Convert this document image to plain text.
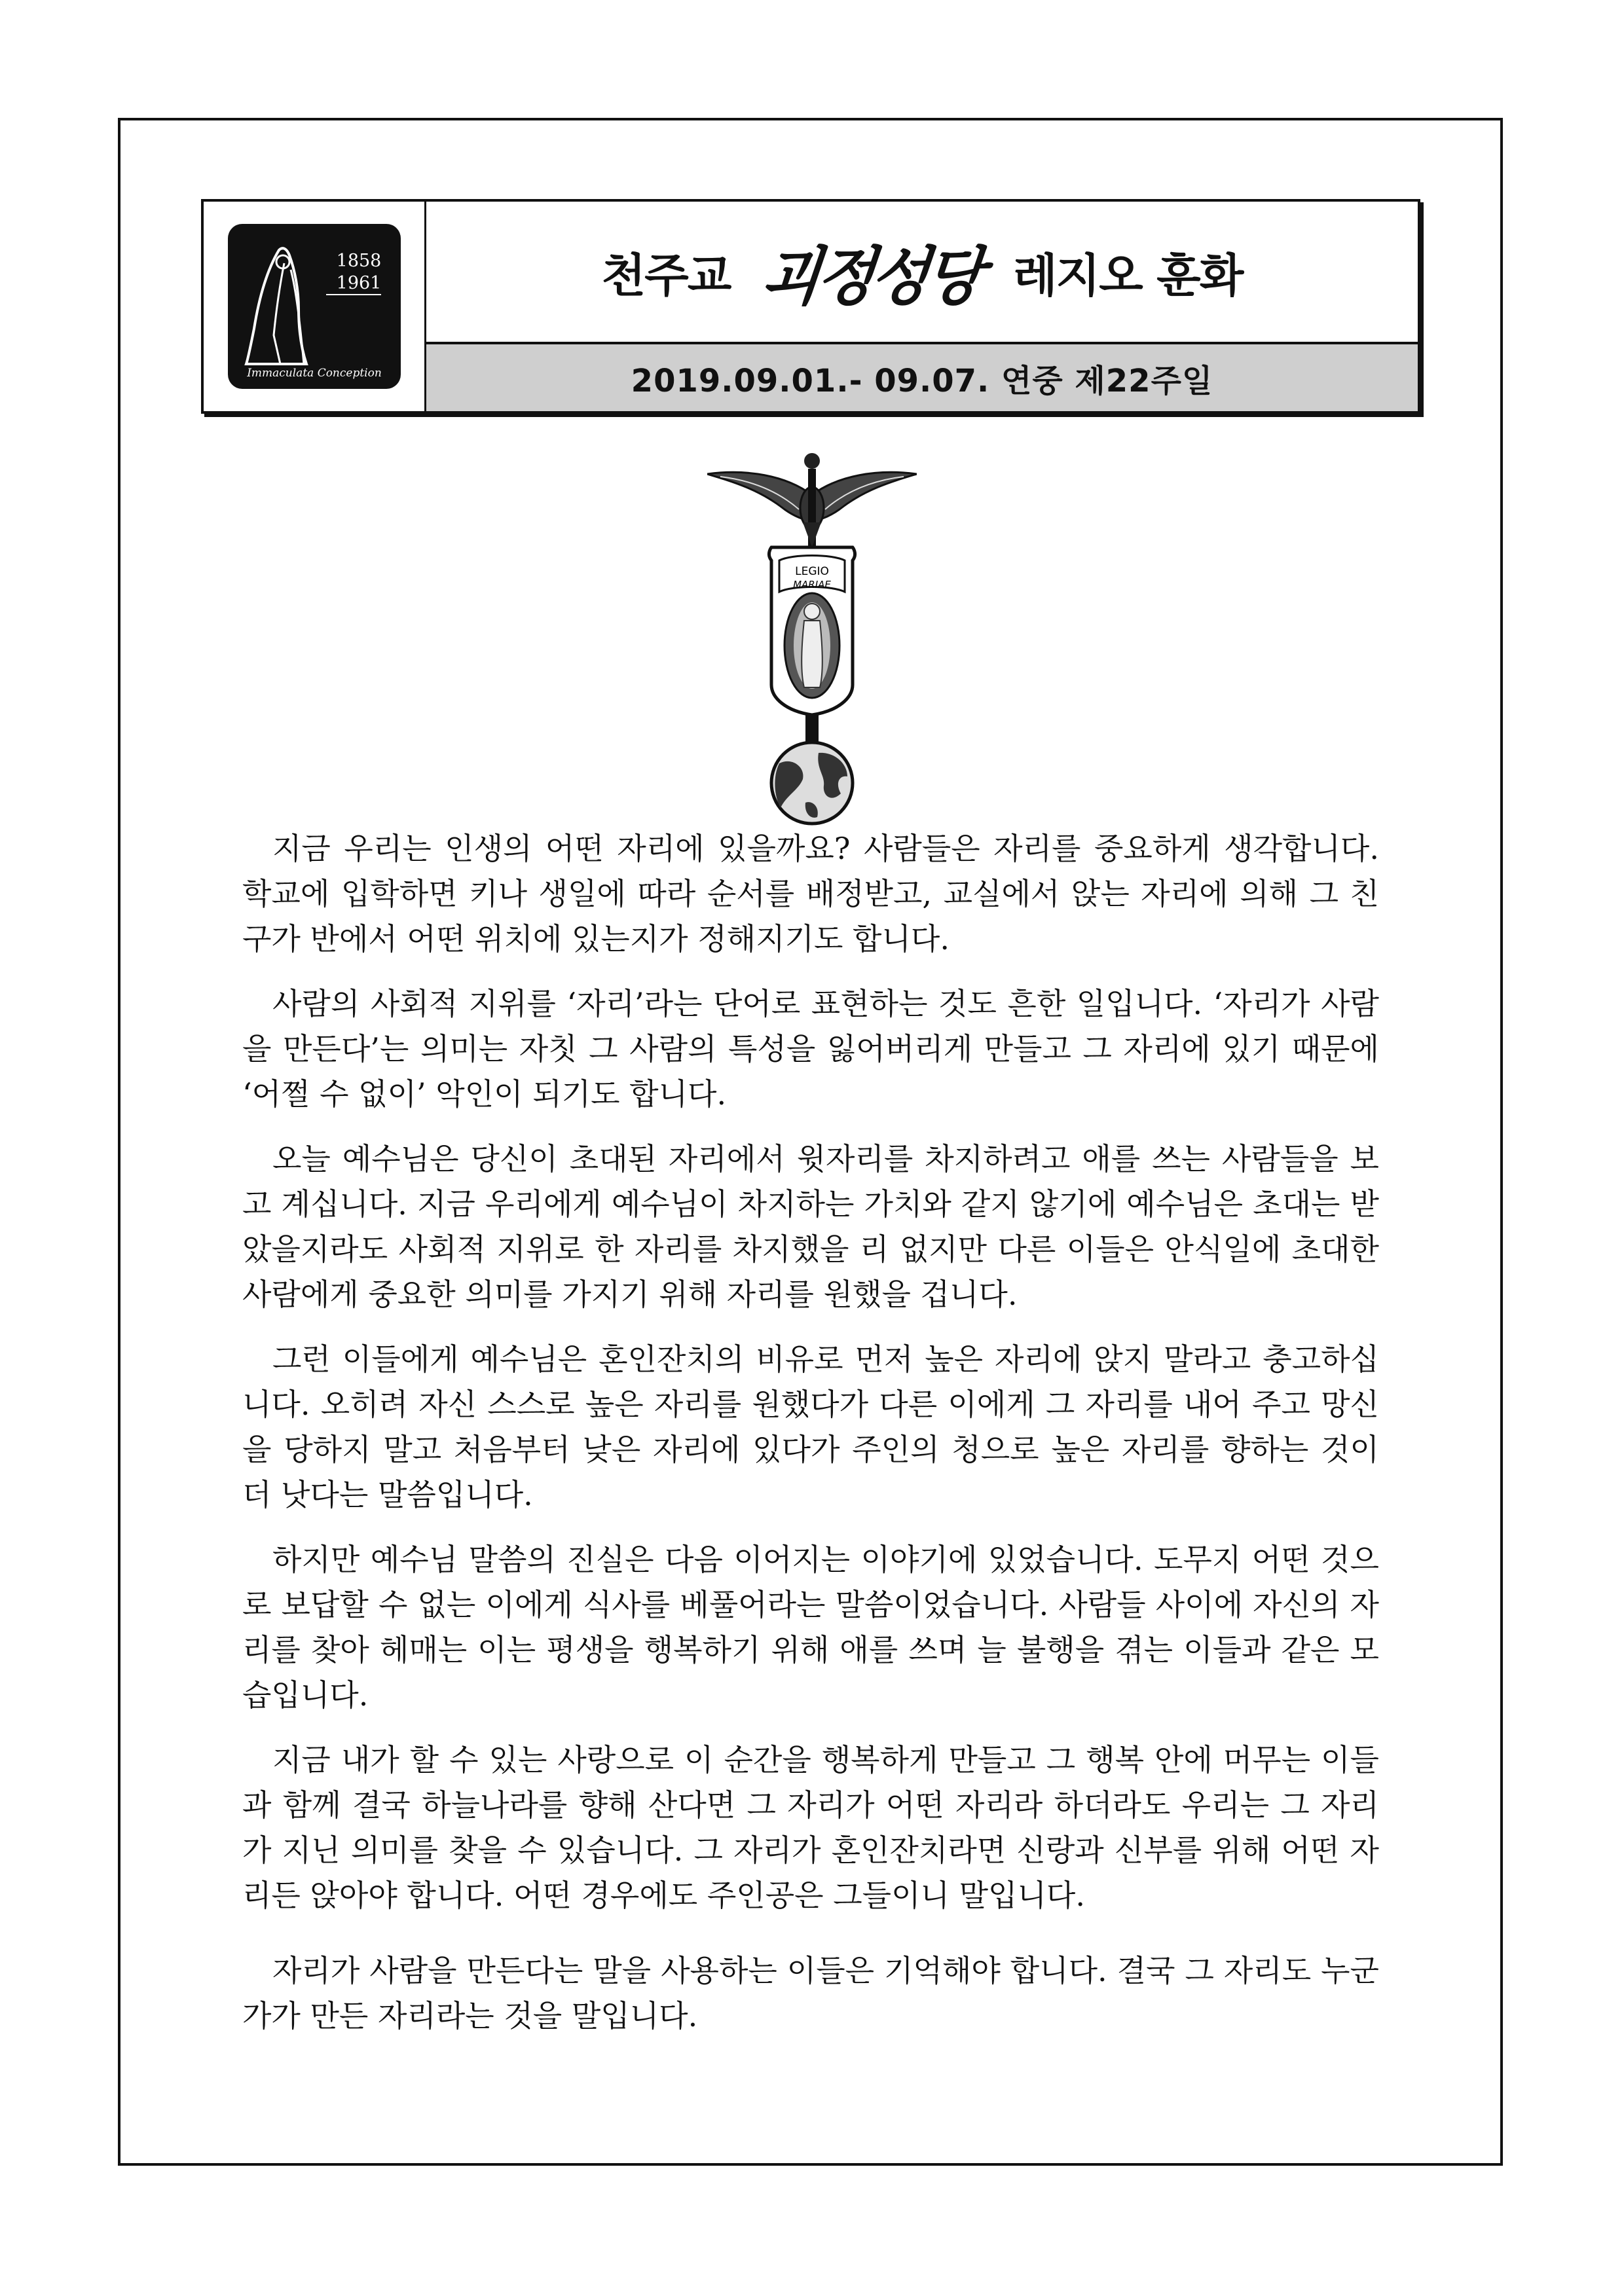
1858
1961
Immaculata Conception
천주교 괴정성당 레지오 훈화
2019.09.01.- 09.07. 연중 제22주일
LEGIO
MARIAE

지금 우리는 인생의 어떤 자리에 있을까요? 사람들은 자리를 중요하게 생각합니다. 학교에 입학하면 키나 생일에 따라 순서를 배정받고, 교실에서 앉는 자리에 의해 그 친구가 반에서 어떤 위치에 있는지가 정해지기도 합니다.

사람의 사회적 지위를 ‘자리’라는 단어로 표현하는 것도 흔한 일입니다. ‘자리가 사람을 만든다’는 의미는 자칫 그 사람의 특성을 잃어버리게 만들고 그 자리에 있기 때문에 ‘어쩔 수 없이’ 악인이 되기도 합니다.

오늘 예수님은 당신이 초대된 자리에서 윗자리를 차지하려고 애를 쓰는 사람들을 보고 계십니다. 지금 우리에게 예수님이 차지하는 가치와 같지 않기에 예수님은 초대는 받았을지라도 사회적 지위로 한 자리를 차지했을 리 없지만 다른 이들은 안식일에 초대한 사람에게 중요한 의미를 가지기 위해 자리를 원했을 겁니다.

그런 이들에게 예수님은 혼인잔치의 비유로 먼저 높은 자리에 앉지 말라고 충고하십니다. 오히려 자신 스스로 높은 자리를 원했다가 다른 이에게 그 자리를 내어 주고 망신을 당하지 말고 처음부터 낮은 자리에 있다가 주인의 청으로 높은 자리를 향하는 것이 더 낫다는 말씀입니다.

하지만 예수님 말씀의 진실은 다음 이어지는 이야기에 있었습니다. 도무지 어떤 것으로 보답할 수 없는 이에게 식사를 베풀어라는 말씀이었습니다. 사람들 사이에 자신의 자리를 찾아 헤매는 이는 평생을 행복하기 위해 애를 쓰며 늘 불행을 겪는 이들과 같은 모습입니다.

지금 내가 할 수 있는 사랑으로 이 순간을 행복하게 만들고 그 행복 안에 머무는 이들과 함께 결국 하늘나라를 향해 산다면 그 자리가 어떤 자리라 하더라도 우리는 그 자리가 지닌 의미를 찾을 수 있습니다. 그 자리가 혼인잔치라면 신랑과 신부를 위해 어떤 자리든 앉아야 합니다. 어떤 경우에도 주인공은 그들이니 말입니다.

자리가 사람을 만든다는 말을 사용하는 이들은 기억해야 합니다. 결국 그 자리도 누군가가 만든 자리라는 것을 말입니다.
